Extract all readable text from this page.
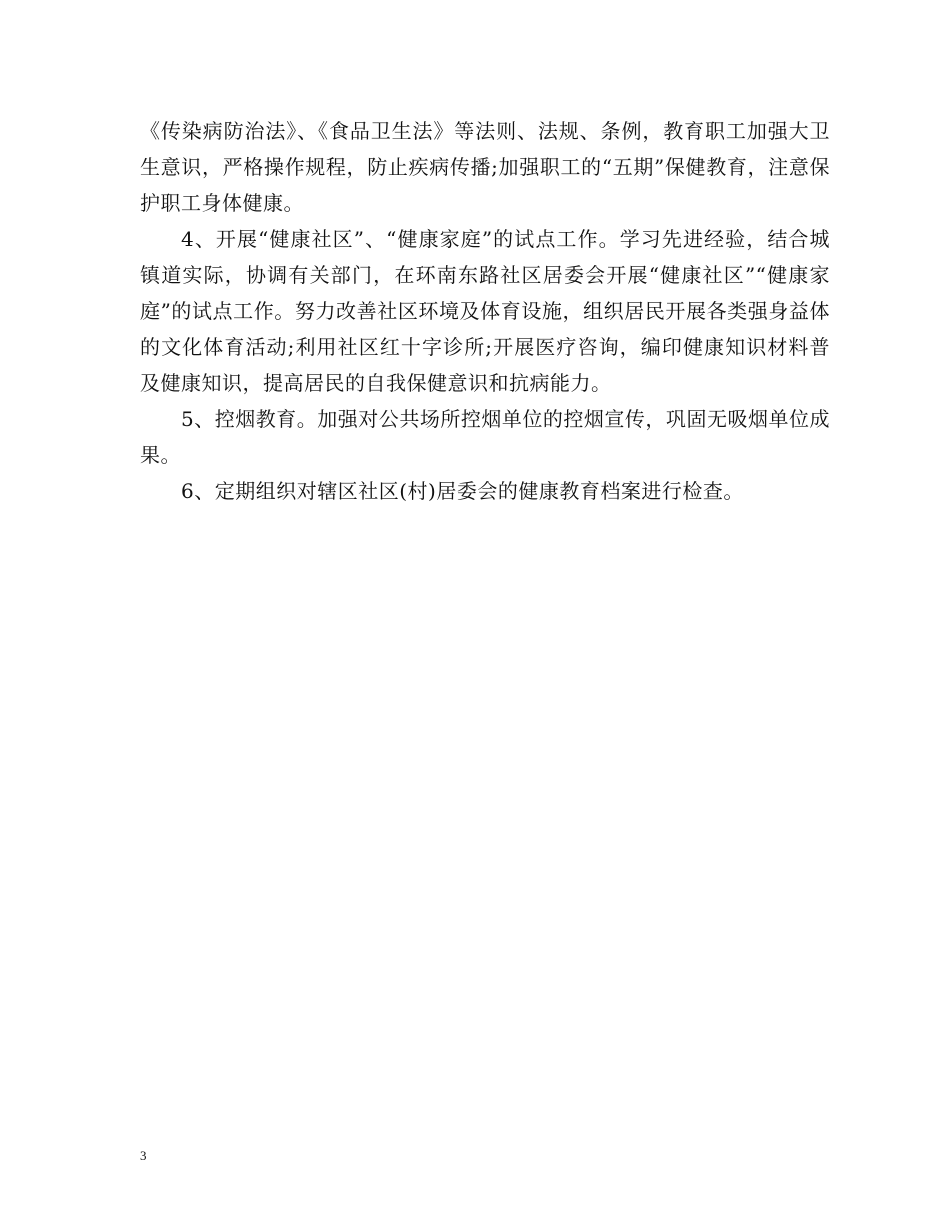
《传染病防治法》、《食品卫生法》等法则、法规、条例，教育职工加强大卫生意识，严格操作规程，防止疾病传播;加强职工的“五期”保健教育，注意保护职工身体健康。

4、开展“健康社区”、“健康家庭”的试点工作。学习先进经验，结合城镇道实际，协调有关部门，在环南东路社区居委会开展“健康社区”“健康家庭”的试点工作。努力改善社区环境及体育设施，组织居民开展各类强身益体的文化体育活动;利用社区红十字诊所;开展医疗咨询，编印健康知识材料普及健康知识，提高居民的自我保健意识和抗病能力。

5、控烟教育。加强对公共场所控烟单位的控烟宣传，巩固无吸烟单位成果。

6、定期组织对辖区社区(村)居委会的健康教育档案进行检查。

3
